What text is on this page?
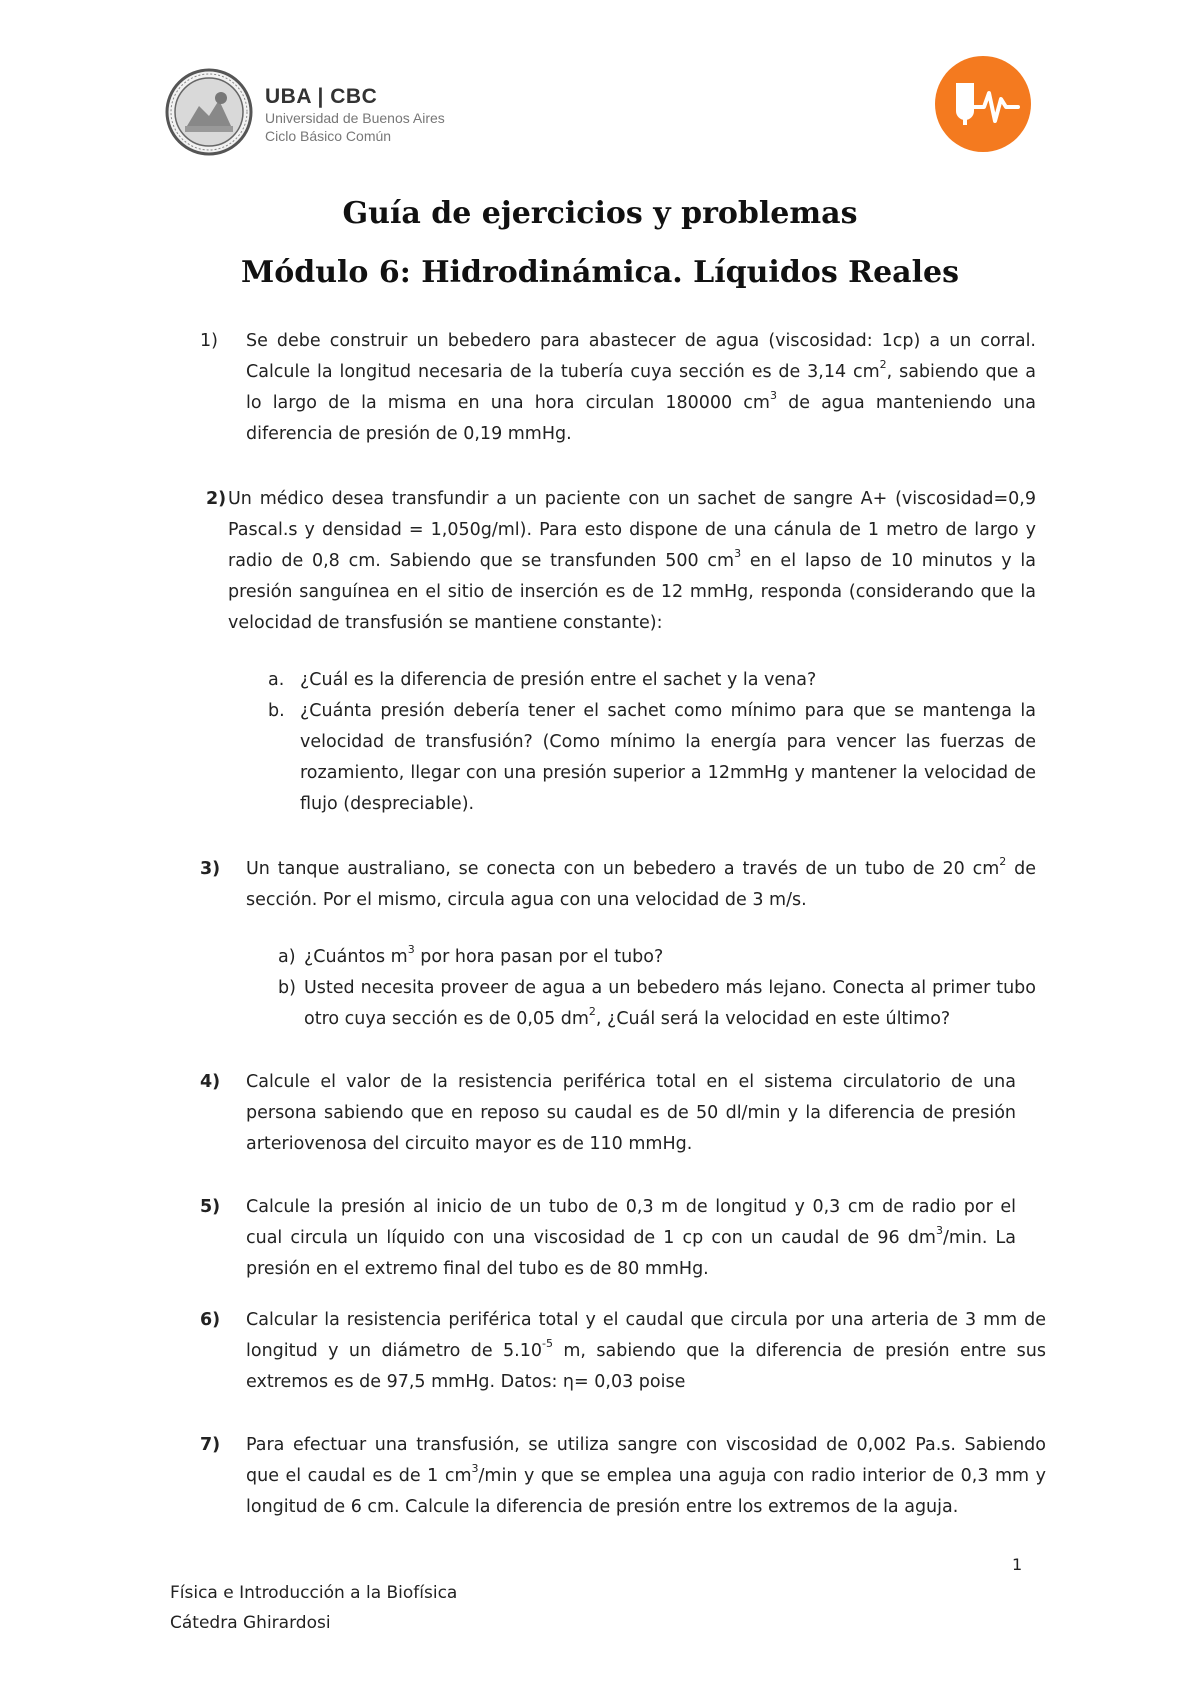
UBA | CBC
Universidad de Buenos Aires
Ciclo Básico Común
Guía de ejercicios y problemas
Módulo 6: Hidrodinámica. Líquidos Reales
1) Se debe construir un bebedero para abastecer de agua (viscosidad: 1cp) a un corral. Calcule la longitud necesaria de la tubería cuya sección es de 3,14 $cm^2$, sabiendo que a lo largo de la misma en una hora circulan 180000 $cm^3$ de agua manteniendo una diferencia de presión de 0,19 mmHg.
2) Un médico desea transfundir a un paciente con un sachet de sangre A+ (viscosidad=0,9 Pascal.s y densidad = 1,050g/ml). Para esto dispone de una cánula de 1 metro de largo y radio de 0,8 cm. Sabiendo que se transfunden 500 $cm^3$ en el lapso de 10 minutos y la presión sanguínea en el sitio de inserción es de 12 mmHg, responda (considerando que la velocidad de transfusión se mantiene constante):
a. ¿Cuál es la diferencia de presión entre el sachet y la vena?
b. ¿Cuánta presión debería tener el sachet como mínimo para que se mantenga la velocidad de transfusión? (Como mínimo la energía para vencer las fuerzas de rozamiento, llegar con una presión superior a 12mmHg y mantener la velocidad de flujo (despreciable).
3) Un tanque australiano, se conecta con un bebedero a través de un tubo de 20 $cm^2$ de sección. Por el mismo, circula agua con una velocidad de 3 m/s.
a) ¿Cuántos $m^3$ por hora pasan por el tubo?
b) Usted necesita proveer de agua a un bebedero más lejano. Conecta al primer tubo otro cuya sección es de 0,05 $dm^2$, ¿Cuál será la velocidad en este último?
4) Calcule el valor de la resistencia periférica total en el sistema circulatorio de una persona sabiendo que en reposo su caudal es de 50 dl/min y la diferencia de presión arteriovenosa del circuito mayor es de 110 mmHg.
5) Calcule la presión al inicio de un tubo de 0,3 m de longitud y 0,3 cm de radio por el cual circula un líquido con una viscosidad de 1 cp con un caudal de 96 $dm^3/\min$. La presión en el extremo final del tubo es de 80 mmHg.
6) Calcular la resistencia periférica total y el caudal que circula por una arteria de 3 mm de longitud y un diámetro de $5.10^{-5}$ m, sabiendo que la diferencia de presión entre sus extremos es de 97,5 mmHg. Datos: η= 0,03 poise
7) Para efectuar una transfusión, se utiliza sangre con viscosidad de 0,002 Pa.s. Sabiendo que el caudal es de 1 $cm^3/\min$ y que se emplea una aguja con radio interior de 0,3 mm y longitud de 6 cm. Calcule la diferencia de presión entre los extremos de la aguja.
1
Física e Introducción a la Biofísica
Cátedra Ghirardosi
